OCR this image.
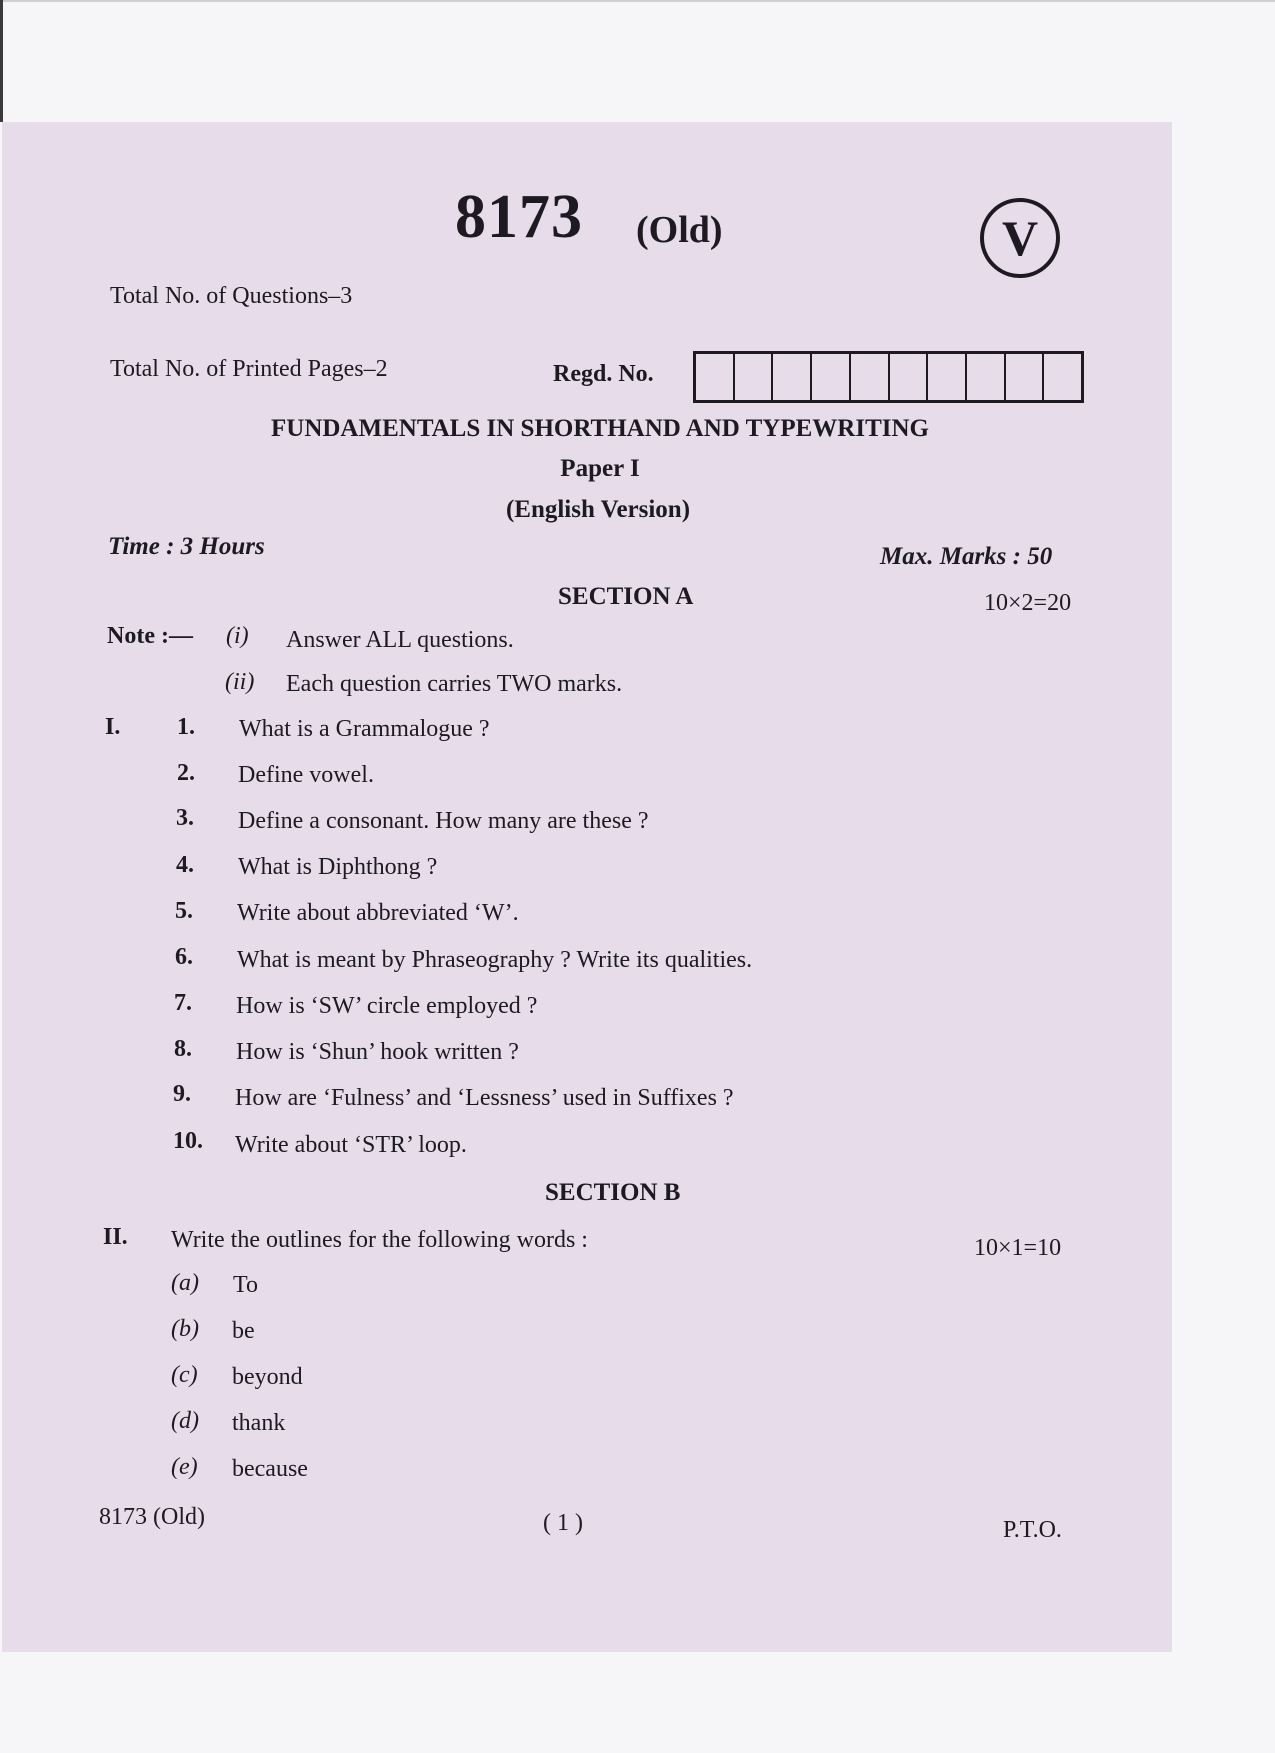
8173 (Old)	V
Total No. of Questions–3
Total No. of Printed Pages–2	Regd. No.
FUNDAMENTALS IN SHORTHAND AND TYPEWRITING
Paper I
(English Version)
Time : 3 Hours	Max. Marks : 50
SECTION A	10×2=20
Note :— (i) Answer ALL questions.
(ii) Each question carries TWO marks.
I. 1. What is a Grammalogue ?
2. Define vowel.
3. Define a consonant. How many are these ?
4. What is Diphthong ?
5. Write about abbreviated ‘W’.
6. What is meant by Phraseography ? Write its qualities.
7. How is ‘SW’ circle employed ?
8. How is ‘Shun’ hook written ?
9. How are ‘Fulness’ and ‘Lessness’ used in Suffixes ?
10. Write about ‘STR’ loop.
SECTION B
II. Write the outlines for the following words :	10×1=10
(a) To
(b) be
(c) beyond
(d) thank
(e) because
8173 (Old)	( 1 )	P.T.O.
